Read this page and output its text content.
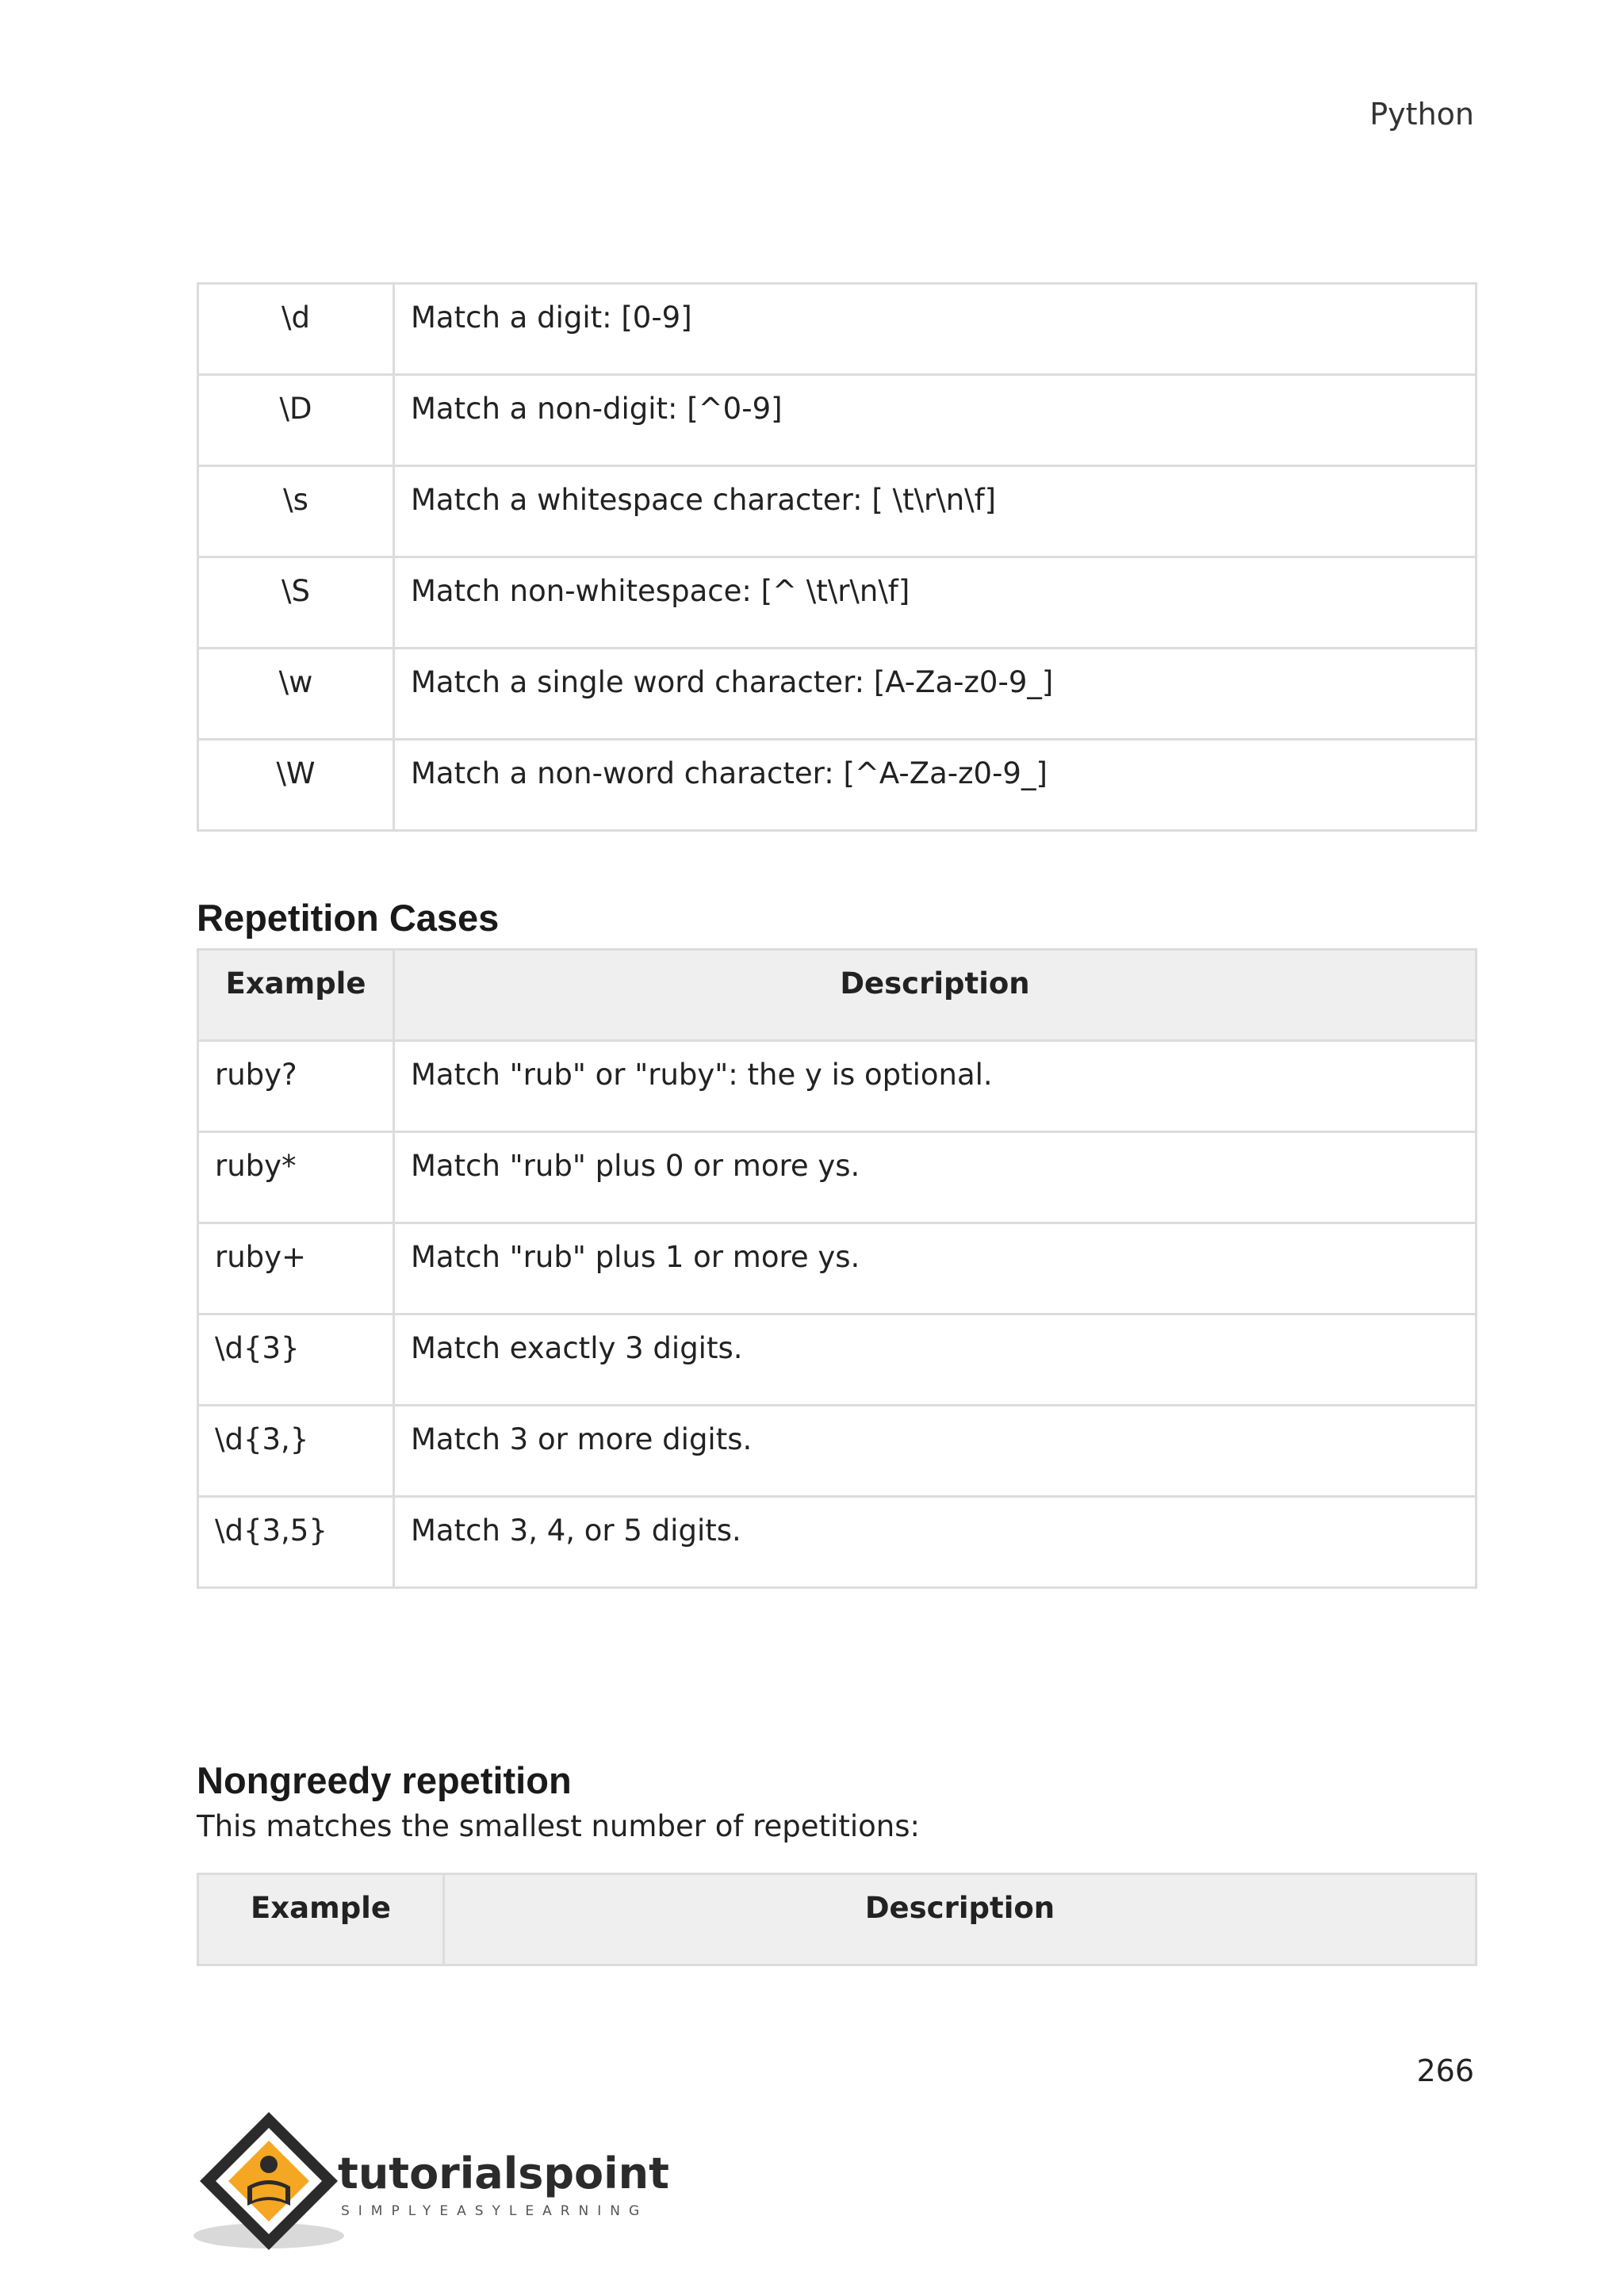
Python
\d	Match a digit: [0-9]
\D	Match a non-digit: [^0-9]
\s	Match a whitespace character: [ \t\r\n\f]
\S	Match non-whitespace: [^ \t\r\n\f]
\w	Match a single word character: [A-Za-z0-9_]
\W	Match a non-word character: [^A-Za-z0-9_]
Repetition Cases
Example	Description
ruby?	Match "rub" or "ruby": the y is optional.
ruby*	Match "rub" plus 0 or more ys.
ruby+	Match "rub" plus 1 or more ys.
\d{3}	Match exactly 3 digits.
\d{3,}	Match 3 or more digits.
\d{3,5}	Match 3, 4, or 5 digits.
Nongreedy repetition
This matches the smallest number of repetitions:
Example	Description
266
tutorialspoint
SIMPLYEASYLEARNING
